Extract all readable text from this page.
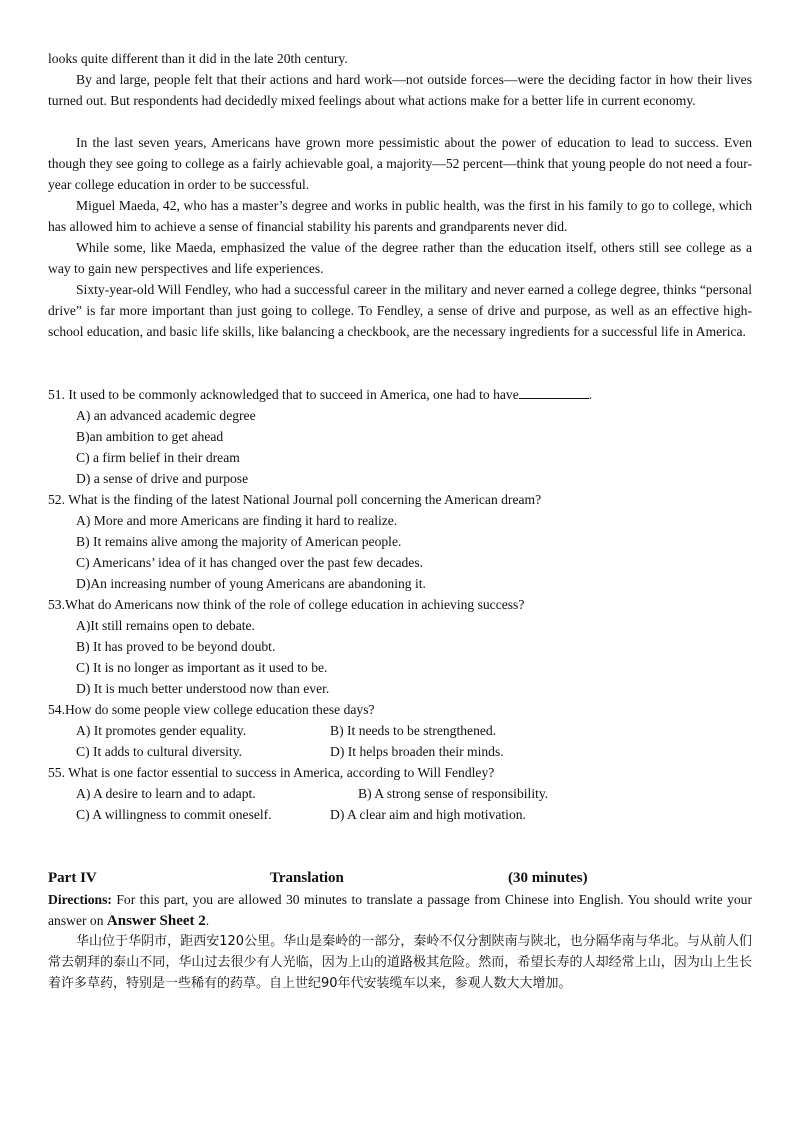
looks quite different than it did in the late 20th century.

By and large, people felt that their actions and hard work—not outside forces—were the deciding factor in how their lives turned out. But respondents had decidedly mixed feelings about what actions make for a better life in current economy.

In the last seven years, Americans have grown more pessimistic about the power of education to lead to success. Even though they see going to college as a fairly achievable goal, a majority—52 percent—think that young people do not need a four-year college education in order to be successful.

Miguel Maeda, 42, who has a master’s degree and works in public health, was the first in his family to go to college, which has allowed him to achieve a sense of financial stability his parents and grandparents never did.

While some, like Maeda, emphasized the value of the degree rather than the education itself, others still see college as a way to gain new perspectives and life experiences.

Sixty-year-old Will Fendley, who had a successful career in the military and never earned a college degree, thinks “personal drive” is far more important than just going to college. To Fendley, a sense of drive and purpose, as well as an effective high-school education, and basic life skills, like balancing a checkbook, are the necessary ingredients for a successful life in America.

51. It used to be commonly acknowledged that to succeed in America, one had to have	.

A) an advanced academic degree

B)an ambition to get ahead

C) a firm belief in their dream

D) a sense of drive and purpose

52. What is the finding of the latest National Journal poll concerning the American dream?

A) More and more Americans are finding it hard to realize.

B) It remains alive among the majority of American people.

C) Americans’ idea of it has changed over the past few decades.

D)An increasing number of young Americans are abandoning it.

53.What do Americans now think of the role of college education in achieving success?

A)It still remains open to debate.

B) It has proved to be beyond doubt.

C) It is no longer as important as it used to be.

D) It is much better understood now than ever.

54.How do some people view college education these days?

A) It promotes gender equality.	B) It needs to be strengthened.

C) It adds to cultural diversity.	D) It helps broaden their minds.

55. What is one factor essential to success in America, according to Will Fendley?

A) A desire to learn and to adapt.	B) A strong sense of responsibility.

C) A willingness to commit oneself.	D) A clear aim and high motivation.

Part IV	Translation	(30 minutes)

Directions: For this part, you are allowed 30 minutes to translate a passage from Chinese into English. You should write your answer on Answer Sheet 2.

华山位于华阴市，距西安120公里。华山是秦岭的一部分，秦岭不仅分割陕南与陕北，也分隔华南与华北。与从前人们常去朝拜的泰山不同，华山过去很少有人光临，因为上山的道路极其危险。然而，希望长寿的人却经常上山，因为山上生长着许多草药，特别是一些稀有的药草。自上世纪90年代安装缆车以来，参观人数大大增加。
